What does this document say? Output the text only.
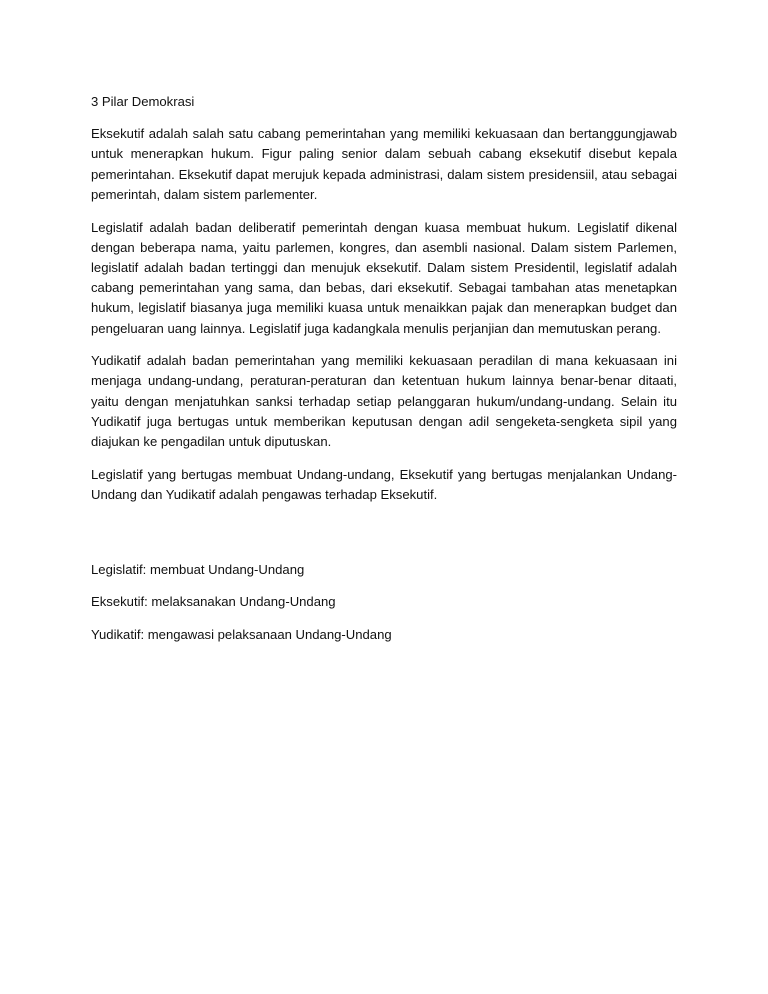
3 Pilar Demokrasi

Eksekutif adalah salah satu cabang pemerintahan yang memiliki kekuasaan dan bertanggungjawab untuk menerapkan hukum. Figur paling senior dalam sebuah cabang eksekutif disebut kepala pemerintahan. Eksekutif dapat merujuk kepada administrasi, dalam sistem presidensiil, atau sebagai pemerintah, dalam sistem parlementer.

Legislatif adalah badan deliberatif pemerintah dengan kuasa membuat hukum. Legislatif dikenal dengan beberapa nama, yaitu parlemen, kongres, dan asembli nasional. Dalam sistem Parlemen, legislatif adalah badan tertinggi dan menujuk eksekutif. Dalam sistem Presidentil, legislatif adalah cabang pemerintahan yang sama, dan bebas, dari eksekutif. Sebagai tambahan atas menetapkan hukum, legislatif biasanya juga memiliki kuasa untuk menaikkan pajak dan menerapkan budget dan pengeluaran uang lainnya. Legislatif juga kadangkala menulis perjanjian dan memutuskan perang.

Yudikatif adalah badan pemerintahan yang memiliki kekuasaan peradilan di mana kekuasaan ini menjaga undang-undang, peraturan-peraturan dan ketentuan hukum lainnya benar-benar ditaati, yaitu dengan menjatuhkan sanksi terhadap setiap pelanggaran hukum/undang-undang. Selain itu Yudikatif juga bertugas untuk memberikan keputusan dengan adil sengeketa-sengketa sipil yang diajukan ke pengadilan untuk diputuskan.

Legislatif yang bertugas membuat Undang-undang, Eksekutif yang bertugas menjalankan Undang-Undang dan Yudikatif adalah pengawas terhadap Eksekutif.

Legislatif: membuat Undang-Undang

Eksekutif: melaksanakan Undang-Undang

Yudikatif: mengawasi pelaksanaan Undang-Undang
